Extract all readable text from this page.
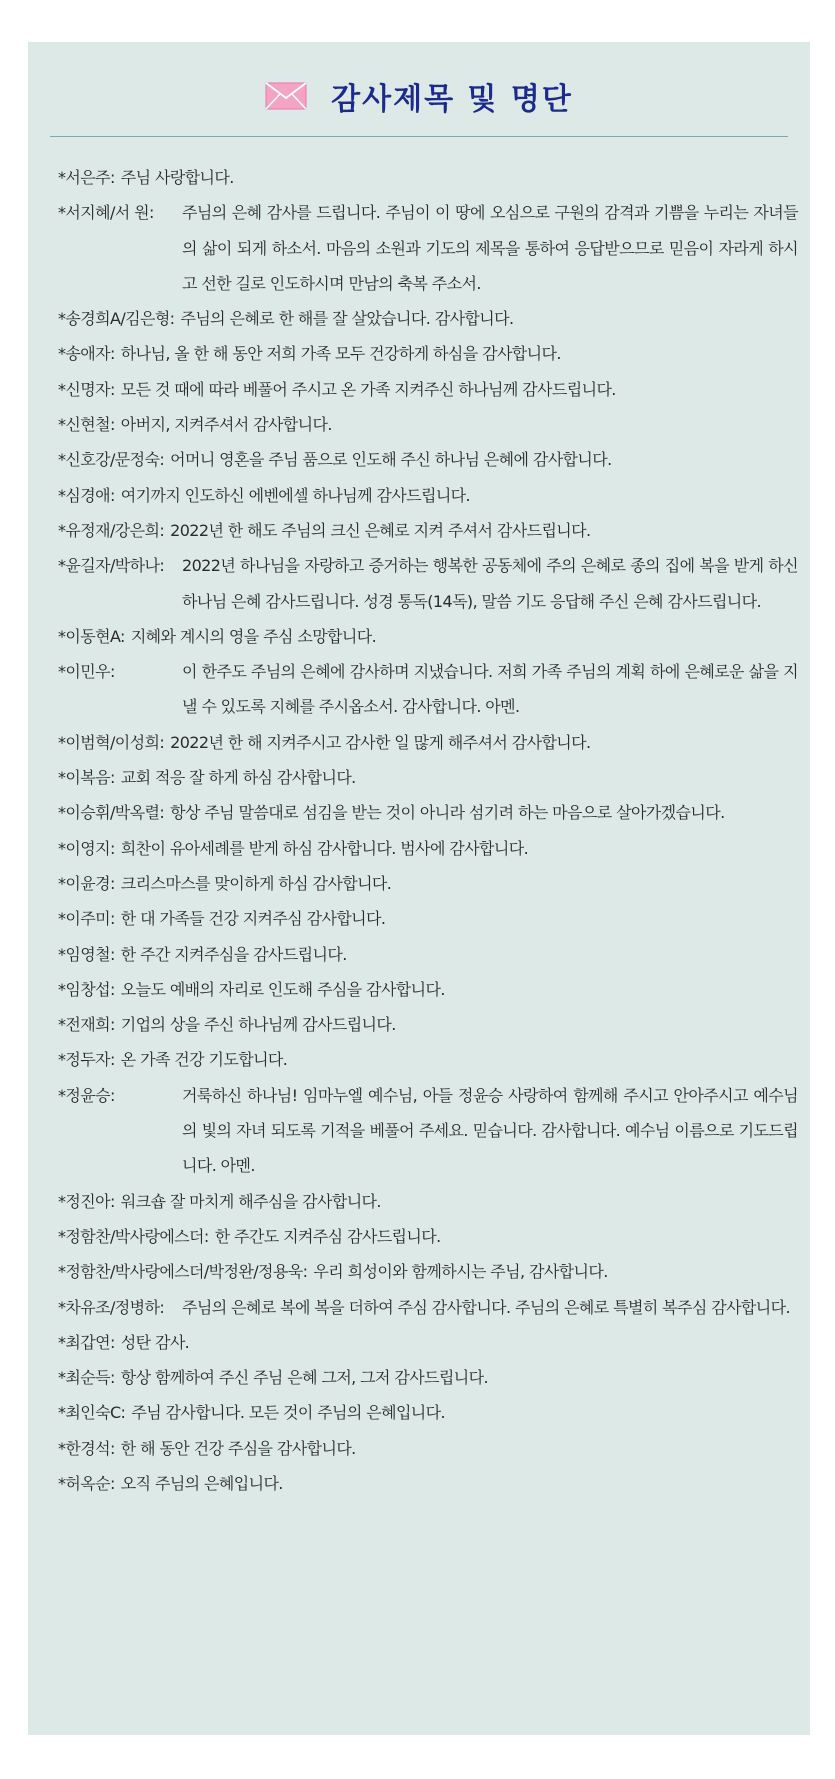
감사제목 및 명단
*서은주: 주님 사랑합니다.
*서지혜/서 원:	주님의 은혜 감사를 드립니다. 주님이 이 땅에 오심으로 구원의 감격과 기쁨을 누리는 자녀들의 삶이 되게 하소서. 마음의 소원과 기도의 제목을 통하여 응답받으므로 믿음이 자라게 하시고 선한 길로 인도하시며 만남의 축복 주소서.
*송경희A/김은형: 주님의 은혜로 한 해를 잘 살았습니다. 감사합니다.
*송애자: 하나님, 올 한 해 동안 저희 가족 모두 건강하게 하심을 감사합니다.
*신명자: 모든 것 때에 따라 베풀어 주시고 온 가족 지켜주신 하나님께 감사드립니다.
*신현철: 아버지, 지켜주셔서 감사합니다.
*신호강/문정숙: 어머니 영혼을 주님 품으로 인도해 주신 하나님 은혜에 감사합니다.
*심경애: 여기까지 인도하신 에벤에셀 하나님께 감사드립니다.
*유정재/강은희: 2022년 한 해도 주님의 크신 은혜로 지켜 주셔서 감사드립니다.
*윤길자/박하나:	2022년 하나님을 자랑하고 증거하는 행복한 공동체에 주의 은혜로 종의 집에 복을 받게 하신 하나님 은혜 감사드립니다. 성경 통독(14독), 말씀 기도 응답해 주신 은혜 감사드립니다.
*이동현A: 지혜와 계시의 영을 주심 소망합니다.
*이민우:	이 한주도 주님의 은혜에 감사하며 지냈습니다. 저희 가족 주님의 계획 하에 은혜로운 삶을 지낼 수 있도록 지혜를 주시옵소서. 감사합니다. 아멘.
*이범혁/이성희: 2022년 한 해 지켜주시고 감사한 일 많게 해주셔서 감사합니다.
*이복음: 교회 적응 잘 하게 하심 감사합니다.
*이승휘/박옥렬: 항상 주님 말씀대로 섬김을 받는 것이 아니라 섬기려 하는 마음으로 살아가겠습니다.
*이영지: 희찬이 유아세례를 받게 하심 감사합니다. 범사에 감사합니다.
*이윤경: 크리스마스를 맞이하게 하심 감사합니다.
*이주미: 한 대 가족들 건강 지켜주심 감사합니다.
*임영철: 한 주간 지켜주심을 감사드립니다.
*임창섭: 오늘도 예배의 자리로 인도해 주심을 감사합니다.
*전재희: 기업의 상을 주신 하나님께 감사드립니다.
*정두자: 온 가족 건강 기도합니다.
*정윤승:	거룩하신 하나님! 임마누엘 예수님, 아들 정윤승 사랑하여 함께해 주시고 안아주시고 예수님의 빛의 자녀 되도록 기적을 베풀어 주세요. 믿습니다. 감사합니다. 예수님 이름으로 기도드립니다. 아멘.
*정진아: 워크숍 잘 마치게 해주심을 감사합니다.
*정함찬/박사랑에스더: 한 주간도 지켜주심 감사드립니다.
*정함찬/박사랑에스더/박정완/정용욱: 우리 희성이와 함께하시는 주님, 감사합니다.
*차유조/정병하:	주님의 은혜로 복에 복을 더하여 주심 감사합니다. 주님의 은혜로 특별히 복주심 감사합니다.
*최갑연: 성탄 감사.
*최순득: 항상 함께하여 주신 주님 은혜 그저, 그저 감사드립니다.
*최인숙C: 주님 감사합니다. 모든 것이 주님의 은혜입니다.
*한경석: 한 해 동안 건강 주심을 감사합니다.
*허옥순: 오직 주님의 은혜입니다.
